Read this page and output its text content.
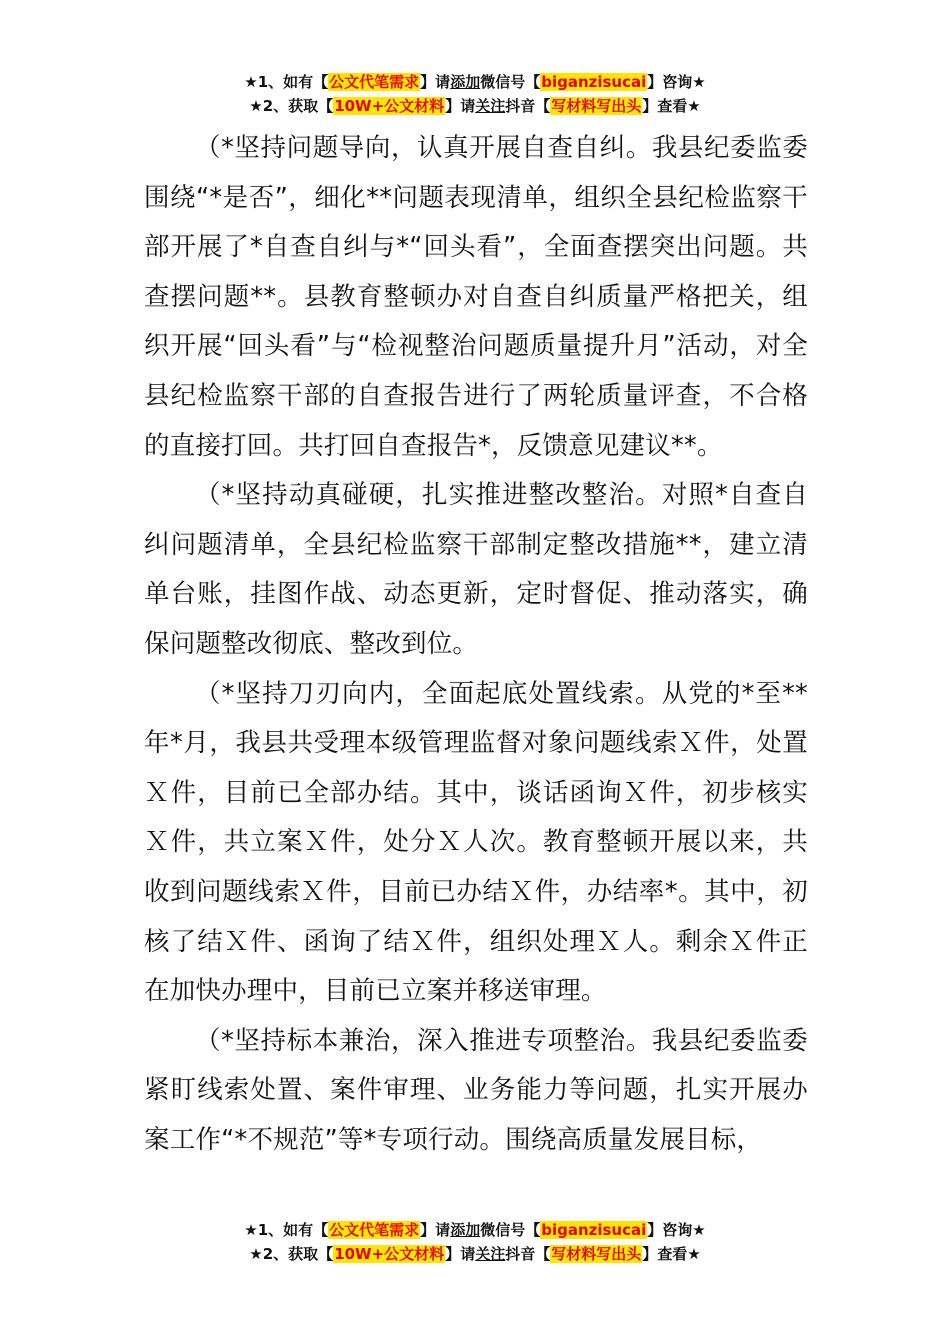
★1、如有【公文代笔需求】请添加微信号【biganzisucai】咨询★
★2、获取【10W+公文材料】请关注抖音【写材料写出头】查看★

（*坚持问题导向，认真开展自查自纠。我县纪委监委围绕“*是否”，细化**问题表现清单，组织全县纪检监察干部开展了*自查自纠与*“回头看”，全面查摆突出问题。共查摆问题**。县教育整顿办对自查自纠质量严格把关，组织开展“回头看”与“检视整治问题质量提升月”活动，对全县纪检监察干部的自查报告进行了两轮质量评查，不合格的直接打回。共打回自查报告*，反馈意见建议**。

（*坚持动真碰硬，扎实推进整改整治。对照*自查自纠问题清单，全县纪检监察干部制定整改措施**，建立清单台账，挂图作战、动态更新，定时督促、推动落实，确保问题整改彻底、整改到位。

（*坚持刀刃向内，全面起底处置线索。从党的*至**年*月，我县共受理本级管理监督对象问题线索Ｘ件，处置Ｘ件，目前已全部办结。其中，谈话函询Ｘ件，初步核实Ｘ件，共立案Ｘ件，处分Ｘ人次。教育整顿开展以来，共收到问题线索Ｘ件，目前已办结Ｘ件，办结率*。其中，初核了结Ｘ件、函询了结Ｘ件，组织处理Ｘ人。剩余Ｘ件正在加快办理中，目前已立案并移送审理。

（*坚持标本兼治，深入推进专项整治。我县纪委监委紧盯线索处置、案件审理、业务能力等问题，扎实开展办案工作“*不规范”等*专项行动。围绕高质量发展目标，

★1、如有【公文代笔需求】请添加微信号【biganzisucai】咨询★
★2、获取【10W+公文材料】请关注抖音【写材料写出头】查看★
